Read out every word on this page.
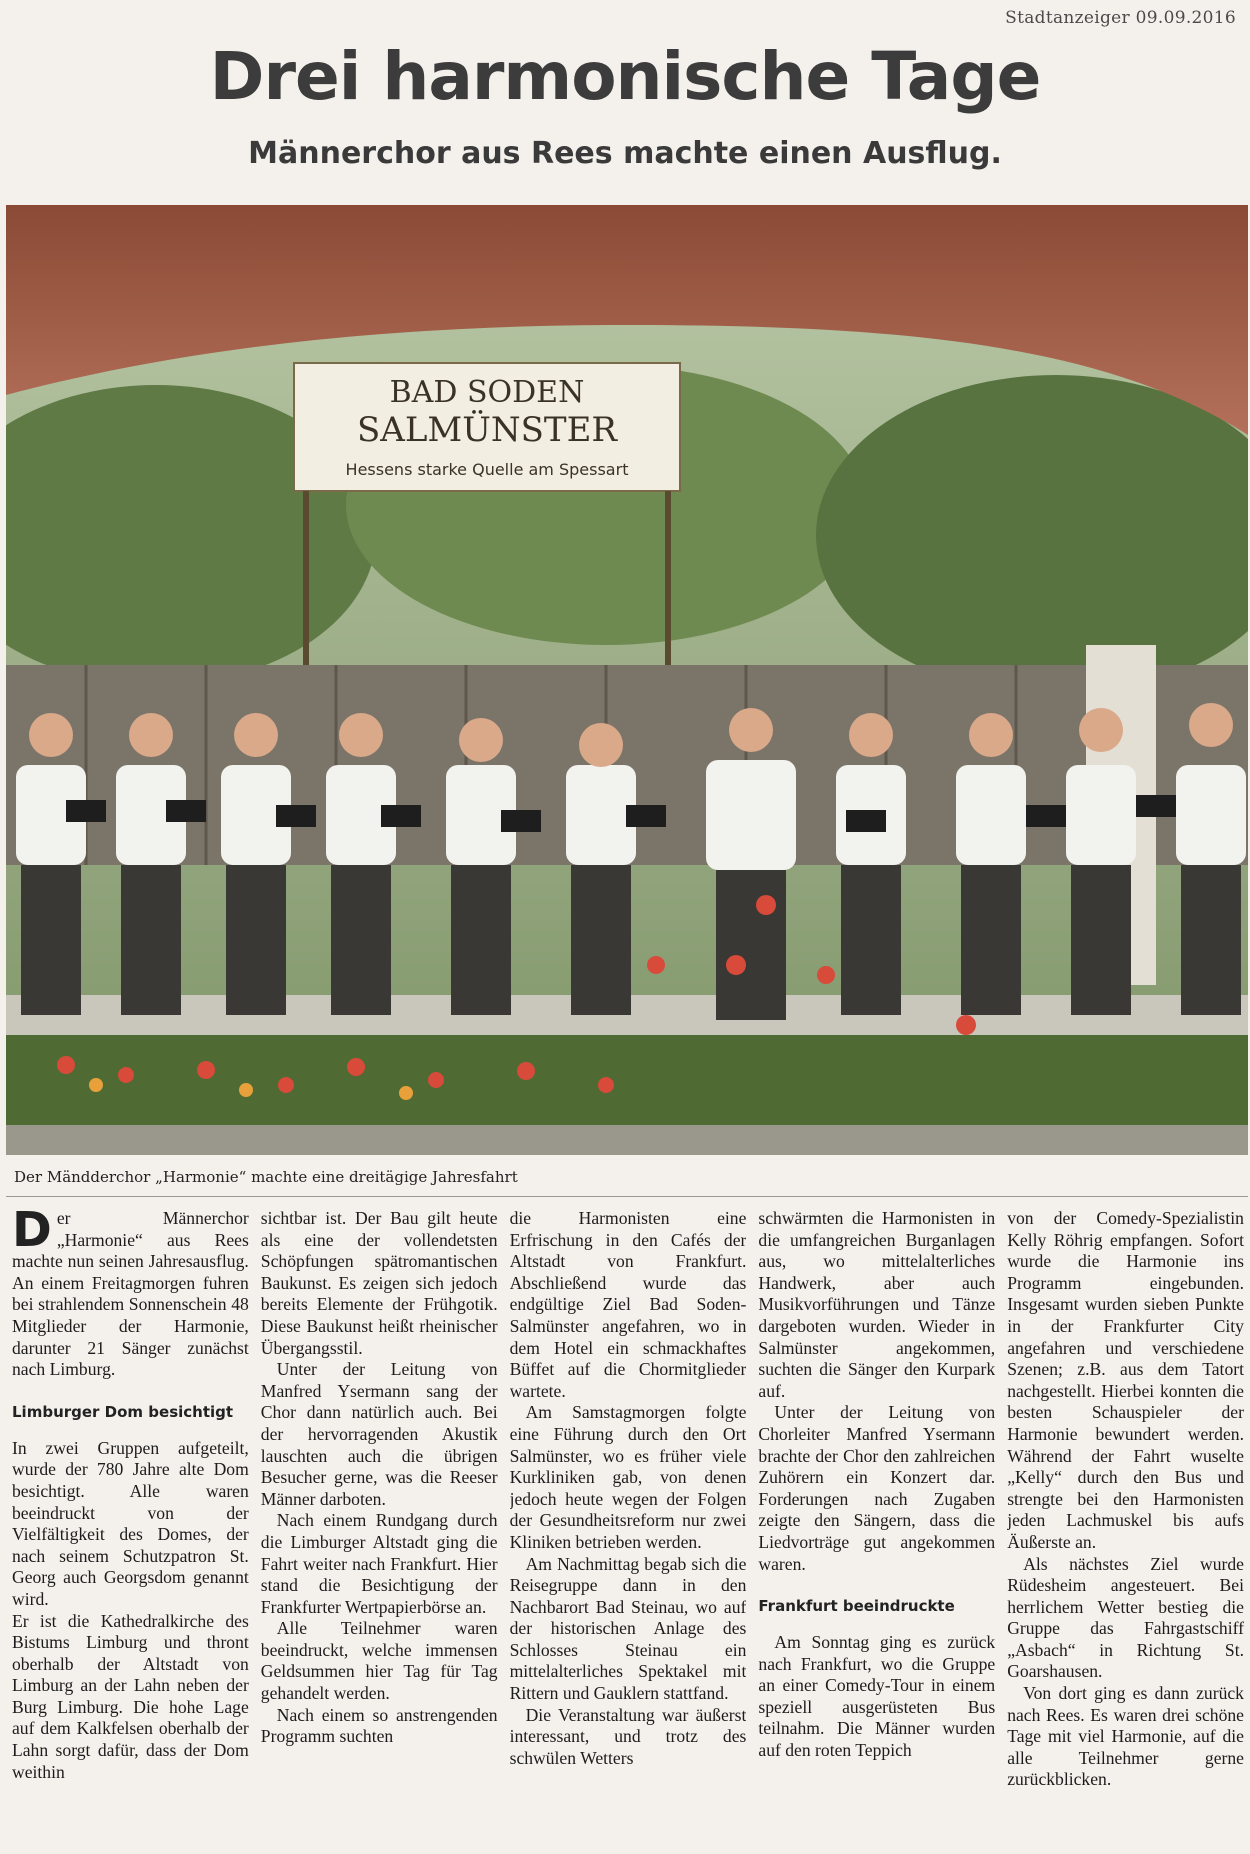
Stadtanzeiger 09.09.2016
Drei harmonische Tage
Männerchor aus Rees machte einen Ausflug.
BAD SODEN
SALMÜNSTER
Hessens starke Quelle am Spessart
Der Mändderchor „Harmonie“ machte eine dreitägige Jahresfahrt

Der Männerchor „Harmonie“ aus Rees machte nun seinen Jahresausflug. An einem Freitagmorgen fuhren bei strahlendem Sonnenschein 48 Mitglieder der Harmonie, darunter 21 Sänger zunächst nach Limburg.

Limburger Dom besichtigt

In zwei Gruppen aufgeteilt, wurde der 780 Jahre alte Dom besichtigt. Alle waren beeindruckt von der Vielfältigkeit des Domes, der nach seinem Schutzpatron St. Georg auch Georgsdom genannt wird.

Er ist die Kathedralkirche des Bistums Limburg und thront oberhalb der Altstadt von Limburg an der Lahn neben der Burg Limburg. Die hohe Lage auf dem Kalkfelsen oberhalb der Lahn sorgt dafür, dass der Dom weithin

sichtbar ist. Der Bau gilt heute als eine der vollendetsten Schöpfungen spätromantischen Baukunst. Es zeigen sich jedoch bereits Elemente der Frühgotik. Diese Baukunst heißt rheinischer Übergangsstil.

Unter der Leitung von Manfred Ysermann sang der Chor dann natürlich auch. Bei der hervorragenden Akustik lauschten auch die übrigen Besucher gerne, was die Reeser Männer darboten.

Nach einem Rundgang durch die Limburger Altstadt ging die Fahrt weiter nach Frankfurt. Hier stand die Besichtigung der Frankfurter Wertpapierbörse an.

Alle Teilnehmer waren beeindruckt, welche immensen Geldsummen hier Tag für Tag gehandelt werden.

Nach einem so anstrengenden Programm suchten

die Harmonisten eine Erfrischung in den Cafés der Altstadt von Frankfurt. Abschließend wurde das endgültige Ziel Bad Soden-Salmünster angefahren, wo in dem Hotel ein schmackhaftes Büffet auf die Chormitglieder wartete.

Am Samstagmorgen folgte eine Führung durch den Ort Salmünster, wo es früher viele Kurkliniken gab, von denen jedoch heute wegen der Folgen der Gesundheitsreform nur zwei Kliniken betrieben werden.

Am Nachmittag begab sich die Reisegruppe dann in den Nachbarort Bad Steinau, wo auf der historischen Anlage des Schlosses Steinau ein mittelalterliches Spektakel mit Rittern und Gauklern stattfand.

Die Veranstaltung war äußerst interessant, und trotz des schwülen Wetters

schwärmten die Harmonisten in die umfangreichen Burganlagen aus, wo mittelalterliches Handwerk, aber auch Musikvorführungen und Tänze dargeboten wurden. Wieder in Salmünster angekommen, suchten die Sänger den Kurpark auf.

Unter der Leitung von Chorleiter Manfred Ysermann brachte der Chor den zahlreichen Zuhörern ein Konzert dar. Forderungen nach Zugaben zeigte den Sängern, dass die Liedvorträge gut angekommen waren.

Frankfurt beeindruckte

Am Sonntag ging es zurück nach Frankfurt, wo die Gruppe an einer Comedy-Tour in einem speziell ausgerüsteten Bus teilnahm. Die Männer wurden auf den roten Teppich

von der Comedy-Spezialistin Kelly Röhrig empfangen. Sofort wurde die Harmonie ins Programm eingebunden. Insgesamt wurden sieben Punkte in der Frankfurter City angefahren und verschiedene Szenen; z.B. aus dem Tatort nachgestellt. Hierbei konnten die besten Schauspieler der Harmonie bewundert werden. Während der Fahrt wuselte „Kelly“ durch den Bus und strengte bei den Harmonisten jeden Lachmuskel bis aufs Äußerste an.

Als nächstes Ziel wurde Rüdesheim angesteuert. Bei herrlichem Wetter bestieg die Gruppe das Fahrgastschiff „Asbach“ in Richtung St. Goarshausen.

Von dort ging es dann zurück nach Rees. Es waren drei schöne Tage mit viel Harmonie, auf die alle Teilnehmer gerne zurückblicken.
